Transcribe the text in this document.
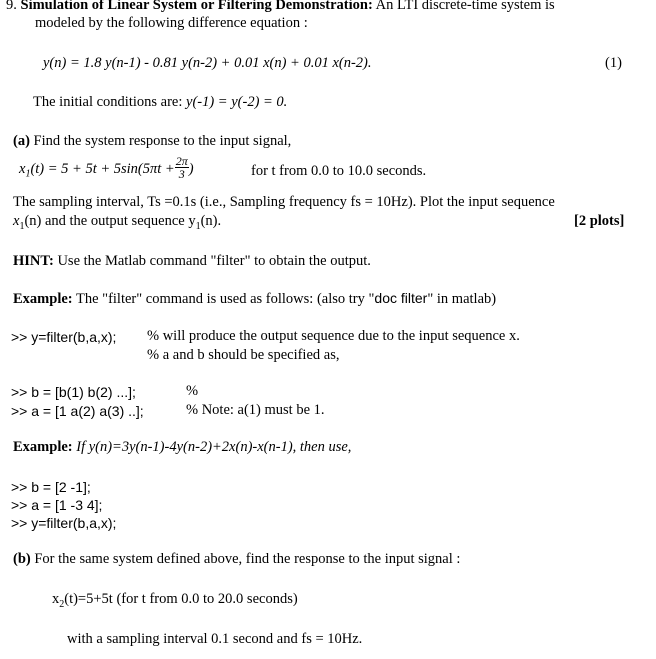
9. Simulation of Linear System or Filtering Demonstration: An LTI discrete-time system is
modeled by the following difference equation :
y(n) = 1.8 y(n-1) - 0.81 y(n-2) + 0.01 x(n) + 0.01 x(n-2).	(1)
The initial conditions are: y(-1) = y(-2) = 0.
(a) Find the system response to the input signal,
$x_1(t) = 5 + 5t + 5\sin(5\pi t + \frac{2\pi}{3}$ )	for t from 0.0 to 10.0 seconds.
The sampling interval, Ts =0.1s (i.e., Sampling frequency fs = 10Hz). Plot the input sequence
$x_1(n)$ and the output sequence $y_1(n)$.	[2 plots]
HINT: Use the Matlab command "filter" to obtain the output.
Example: The "filter" command is used as follows: (also try "doc filter" in matlab)
>> y=filter(b,a,x); % will produce the output sequence due to the input sequence x.
% a and b should be specified as,
>> b = [b(1) b(2) ...];	%
>> a = [1 a(2) a(3) ..];	% Note: a(1) must be 1.
Example: If y(n)=3y(n-1)-4y(n-2)+2x(n)-x(n-1), then use,
>> b = [2 -1];
>> a = [1 -3 4];
>> y=filter(b,a,x);
(b) For the same system defined above, find the response to the input signal :
$x_2(t)=5+5t$ (for t from 0.0 to 20.0 seconds)
with a sampling interval 0.1 second and fs = 10Hz.
